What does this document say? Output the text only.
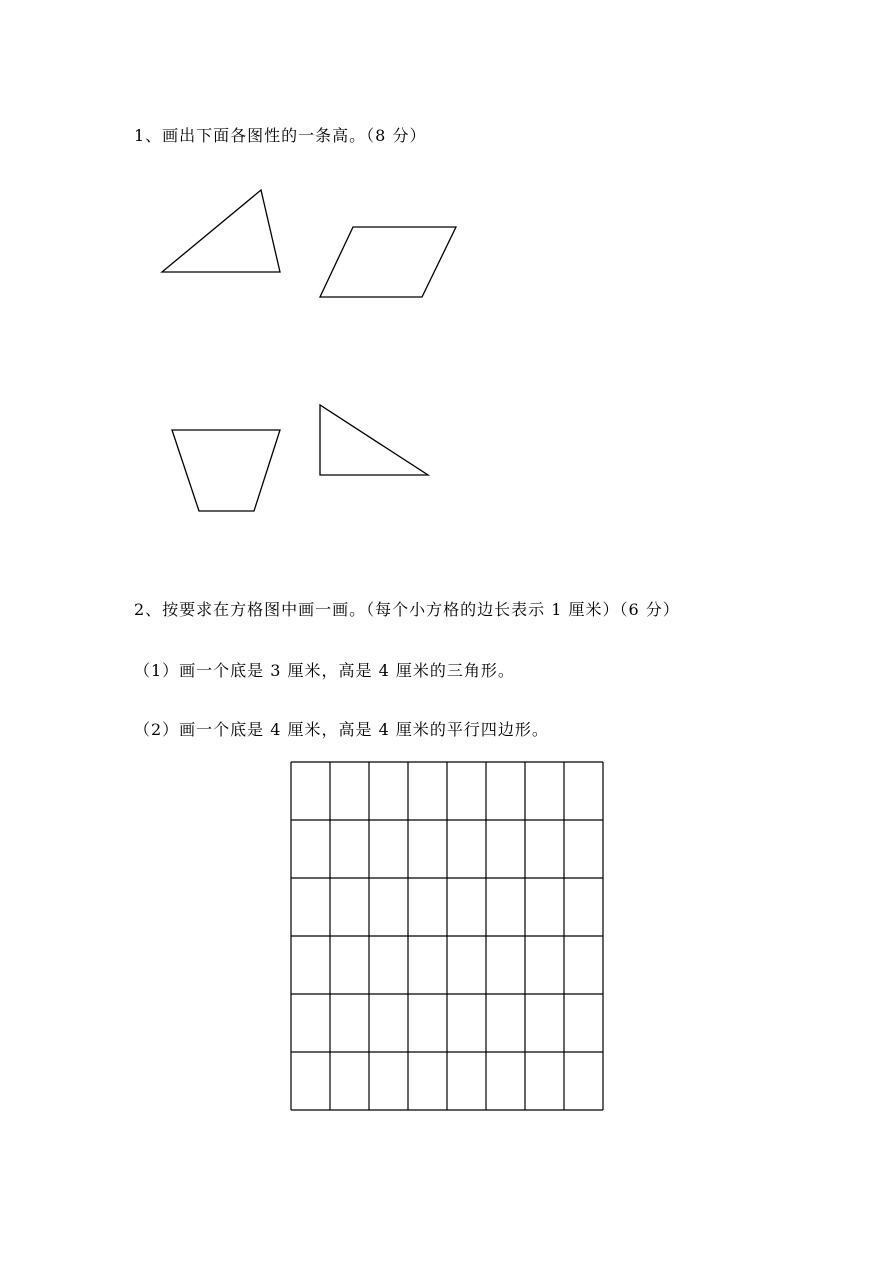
1、画出下面各图性的一条高。（8 分）
2、按要求在方格图中画一画。（每个小方格的边长表示 1 厘米）（6 分）
（1）画一个底是 3 厘米，高是 4 厘米的三角形。
（2）画一个底是 4 厘米，高是 4 厘米的平行四边形。
